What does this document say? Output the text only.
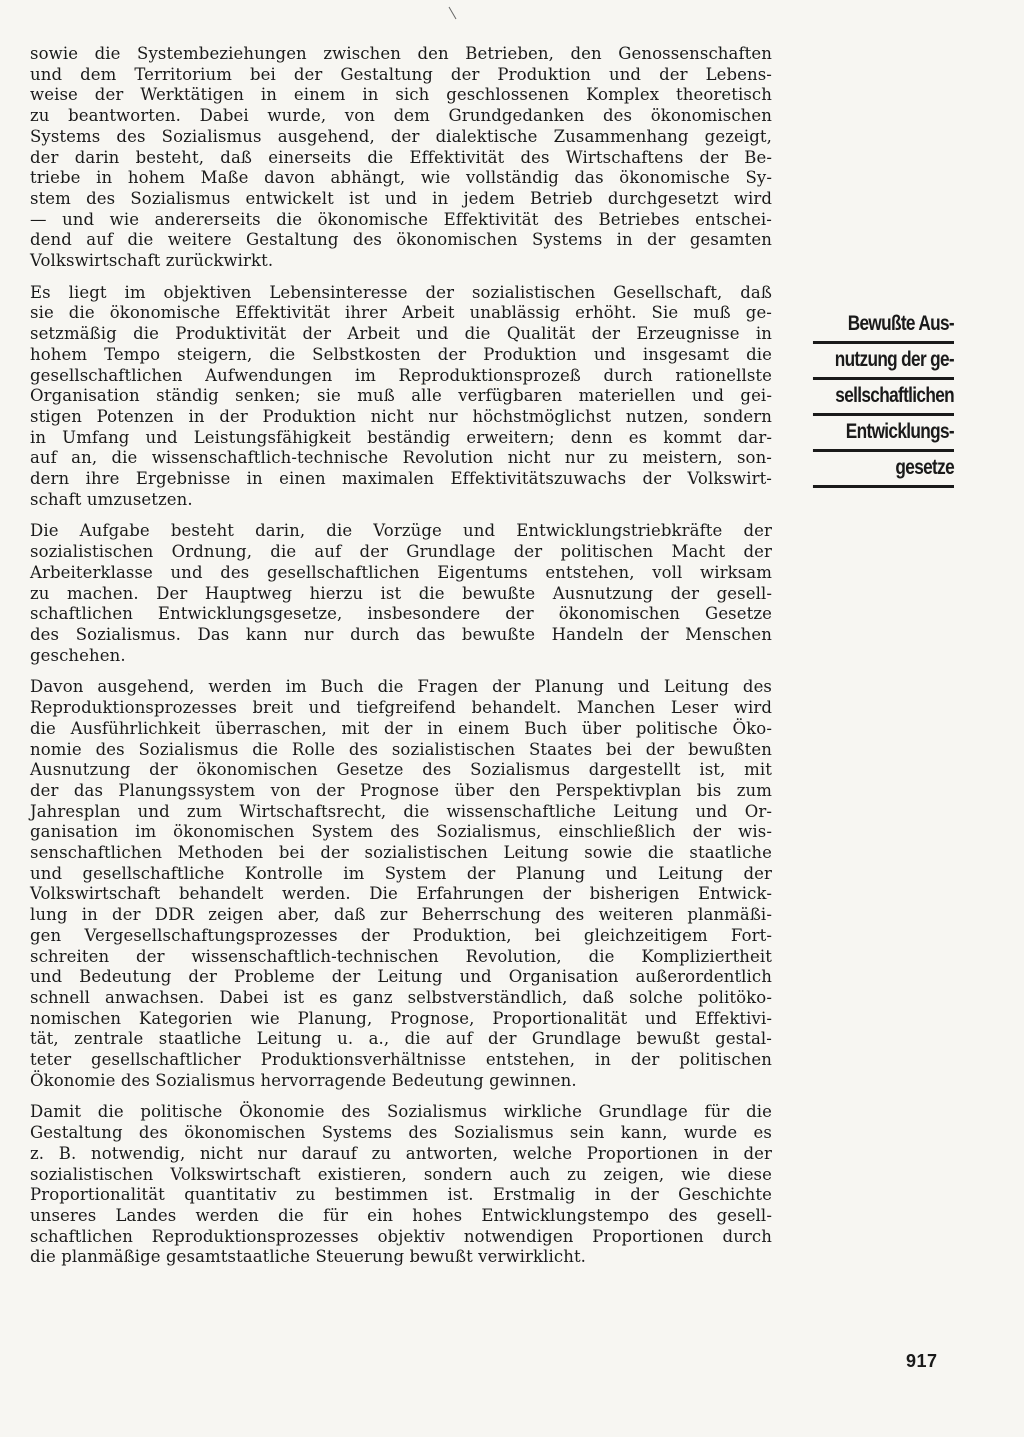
sowie die Systembeziehungen zwischen den Betrieben, den Genossenschaften
und dem Territorium bei der Gestaltung der Produktion und der Lebens-
weise der Werktätigen in einem in sich geschlossenen Komplex theoretisch
zu beantworten. Dabei wurde, von dem Grundgedanken des ökonomischen
Systems des Sozialismus ausgehend, der dialektische Zusammenhang gezeigt,
der darin besteht, daß einerseits die Effektivität des Wirtschaftens der Be-
triebe in hohem Maße davon abhängt, wie vollständig das ökonomische Sy-
stem des Sozialismus entwickelt ist und in jedem Betrieb durchgesetzt wird
— und wie andererseits die ökonomische Effektivität des Betriebes entschei-
dend auf die weitere Gestaltung des ökonomischen Systems in der gesamten
Volkswirtschaft zurückwirkt.

Es liegt im objektiven Lebensinteresse der sozialistischen Gesellschaft, daß
sie die ökonomische Effektivität ihrer Arbeit unablässig erhöht. Sie muß ge-
setzmäßig die Produktivität der Arbeit und die Qualität der Erzeugnisse in
hohem Tempo steigern, die Selbstkosten der Produktion und insgesamt die
gesellschaftlichen Aufwendungen im Reproduktionsprozeß durch rationellste
Organisation ständig senken; sie muß alle verfügbaren materiellen und gei-
stigen Potenzen in der Produktion nicht nur höchstmöglichst nutzen, sondern
in Umfang und Leistungsfähigkeit beständig erweitern; denn es kommt dar-
auf an, die wissenschaftlich-technische Revolution nicht nur zu meistern, son-
dern ihre Ergebnisse in einen maximalen Effektivitätszuwachs der Volkswirt-
schaft umzusetzen.

Die Aufgabe besteht darin, die Vorzüge und Entwicklungstriebkräfte der
sozialistischen Ordnung, die auf der Grundlage der politischen Macht der
Arbeiterklasse und des gesellschaftlichen Eigentums entstehen, voll wirksam
zu machen. Der Hauptweg hierzu ist die bewußte Ausnutzung der gesell-
schaftlichen Entwicklungsgesetze, insbesondere der ökonomischen Gesetze
des Sozialismus. Das kann nur durch das bewußte Handeln der Menschen
geschehen.

Davon ausgehend, werden im Buch die Fragen der Planung und Leitung des
Reproduktionsprozesses breit und tiefgreifend behandelt. Manchen Leser wird
die Ausführlichkeit überraschen, mit der in einem Buch über politische Öko-
nomie des Sozialismus die Rolle des sozialistischen Staates bei der bewußten
Ausnutzung der ökonomischen Gesetze des Sozialismus dargestellt ist, mit
der das Planungssystem von der Prognose über den Perspektivplan bis zum
Jahresplan und zum Wirtschaftsrecht, die wissenschaftliche Leitung und Or-
ganisation im ökonomischen System des Sozialismus, einschließlich der wis-
senschaftlichen Methoden bei der sozialistischen Leitung sowie die staatliche
und gesellschaftliche Kontrolle im System der Planung und Leitung der
Volkswirtschaft behandelt werden. Die Erfahrungen der bisherigen Entwick-
lung in der DDR zeigen aber, daß zur Beherrschung des weiteren planmäßi-
gen Vergesellschaftungsprozesses der Produktion, bei gleichzeitigem Fort-
schreiten der wissenschaftlich-technischen Revolution, die Kompliziertheit
und Bedeutung der Probleme der Leitung und Organisation außerordentlich
schnell anwachsen. Dabei ist es ganz selbstverständlich, daß solche politöko-
nomischen Kategorien wie Planung, Prognose, Proportionalität und Effektivi-
tät, zentrale staatliche Leitung u. a., die auf der Grundlage bewußt gestal-
teter gesellschaftlicher Produktionsverhältnisse entstehen, in der politischen
Ökonomie des Sozialismus hervorragende Bedeutung gewinnen.

Damit die politische Ökonomie des Sozialismus wirkliche Grundlage für die
Gestaltung des ökonomischen Systems des Sozialismus sein kann, wurde es
z. B. notwendig, nicht nur darauf zu antworten, welche Proportionen in der
sozialistischen Volkswirtschaft existieren, sondern auch zu zeigen, wie diese
Proportionalität quantitativ zu bestimmen ist. Erstmalig in der Geschichte
unseres Landes werden die für ein hohes Entwicklungstempo des gesell-
schaftlichen Reproduktionsprozesses objektiv notwendigen Proportionen durch
die planmäßige gesamtstaatliche Steuerung bewußt verwirklicht.

Bewußte Aus-
nutzung der ge-
sellschaftlichen
Entwicklungs-
gesetze
917
